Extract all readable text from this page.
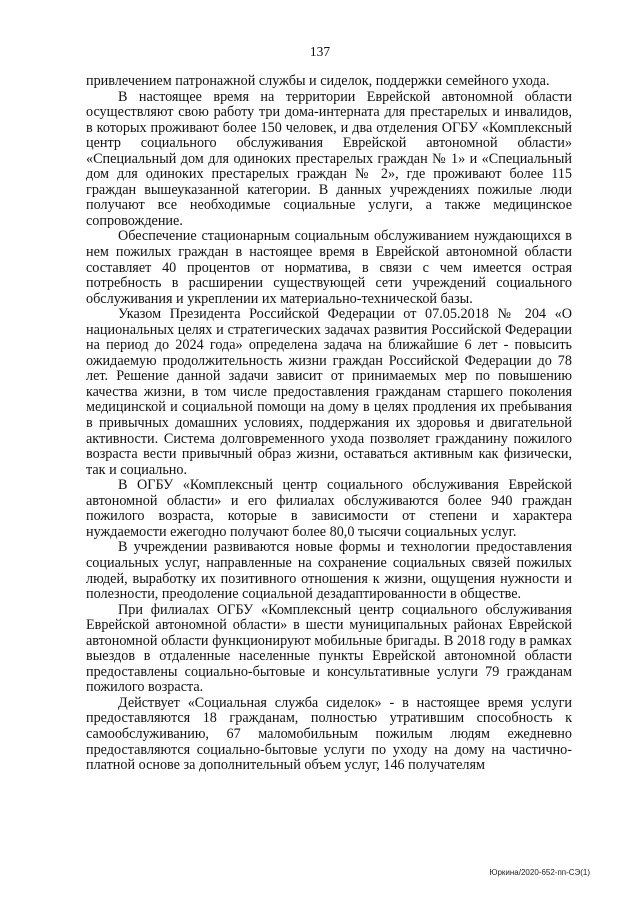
137

привлечением патронажной службы и сиделок, поддержки семейного ухода.

В настоящее время на территории Еврейской автономной области осуществляют свою работу три дома-интерната для престарелых и инвалидов, в которых проживают более 150 человек, и два отделения ОГБУ «Комплексный центр социального обслуживания Еврейской автономной области» «Специальный дом для одиноких престарелых граждан № 1» и «Специальный дом для одиноких престарелых граждан № 2», где проживают более 115 граждан вышеуказанной категории. В данных учреждениях пожилые люди получают все необходимые социальные услуги, а также медицинское сопровождение.

Обеспечение стационарным социальным обслуживанием нуждающихся в нем пожилых граждан в настоящее время в Еврейской автономной области составляет 40 процентов от норматива, в связи с чем имеется острая потребность в расширении существующей сети учреждений социального обслуживания и укреплении их материально-технической базы.

Указом Президента Российской Федерации от 07.05.2018 № 204 «О национальных целях и стратегических задачах развития Российской Федерации на период до 2024 года» определена задача на ближайшие 6 лет - повысить ожидаемую продолжительность жизни граждан Российской Федерации до 78 лет. Решение данной задачи зависит от принимаемых мер по повышению качества жизни, в том числе предоставления гражданам старшего поколения медицинской и социальной помощи на дому в целях продления их пребывания в привычных домашних условиях, поддержания их здоровья и двигательной активности. Система долговременного ухода позволяет гражданину пожилого возраста вести привычный образ жизни, оставаться активным как физически, так и социально.

В ОГБУ «Комплексный центр социального обслуживания Еврейской автономной области» и его филиалах обслуживаются более 940 граждан пожилого возраста, которые в зависимости от степени и характера нуждаемости ежегодно получают более 80,0 тысячи социальных услуг.

В учреждении развиваются новые формы и технологии предоставления социальных услуг, направленные на сохранение социальных связей пожилых людей, выработку их позитивного отношения к жизни, ощущения нужности и полезности, преодоление социальной дезадаптированности в обществе.

При филиалах ОГБУ «Комплексный центр социального обслуживания Еврейской автономной области» в шести муниципальных районах Еврейской автономной области функционируют мобильные бригады. В 2018 году в рамках выездов в отдаленные населенные пункты Еврейской автономной области предоставлены социально-бытовые и консультативные услуги 79 гражданам пожилого возраста.

Действует «Социальная служба сиделок» - в настоящее время услуги предоставляются 18 гражданам, полностью утратившим способность к самообслуживанию, 67 маломобильным пожилым людям ежедневно предоставляются социально-бытовые услуги по уходу на дому на частично-платной основе за дополнительный объем услуг, 146 получателям

Юркина/2020-652-пп-СЭ(1)
